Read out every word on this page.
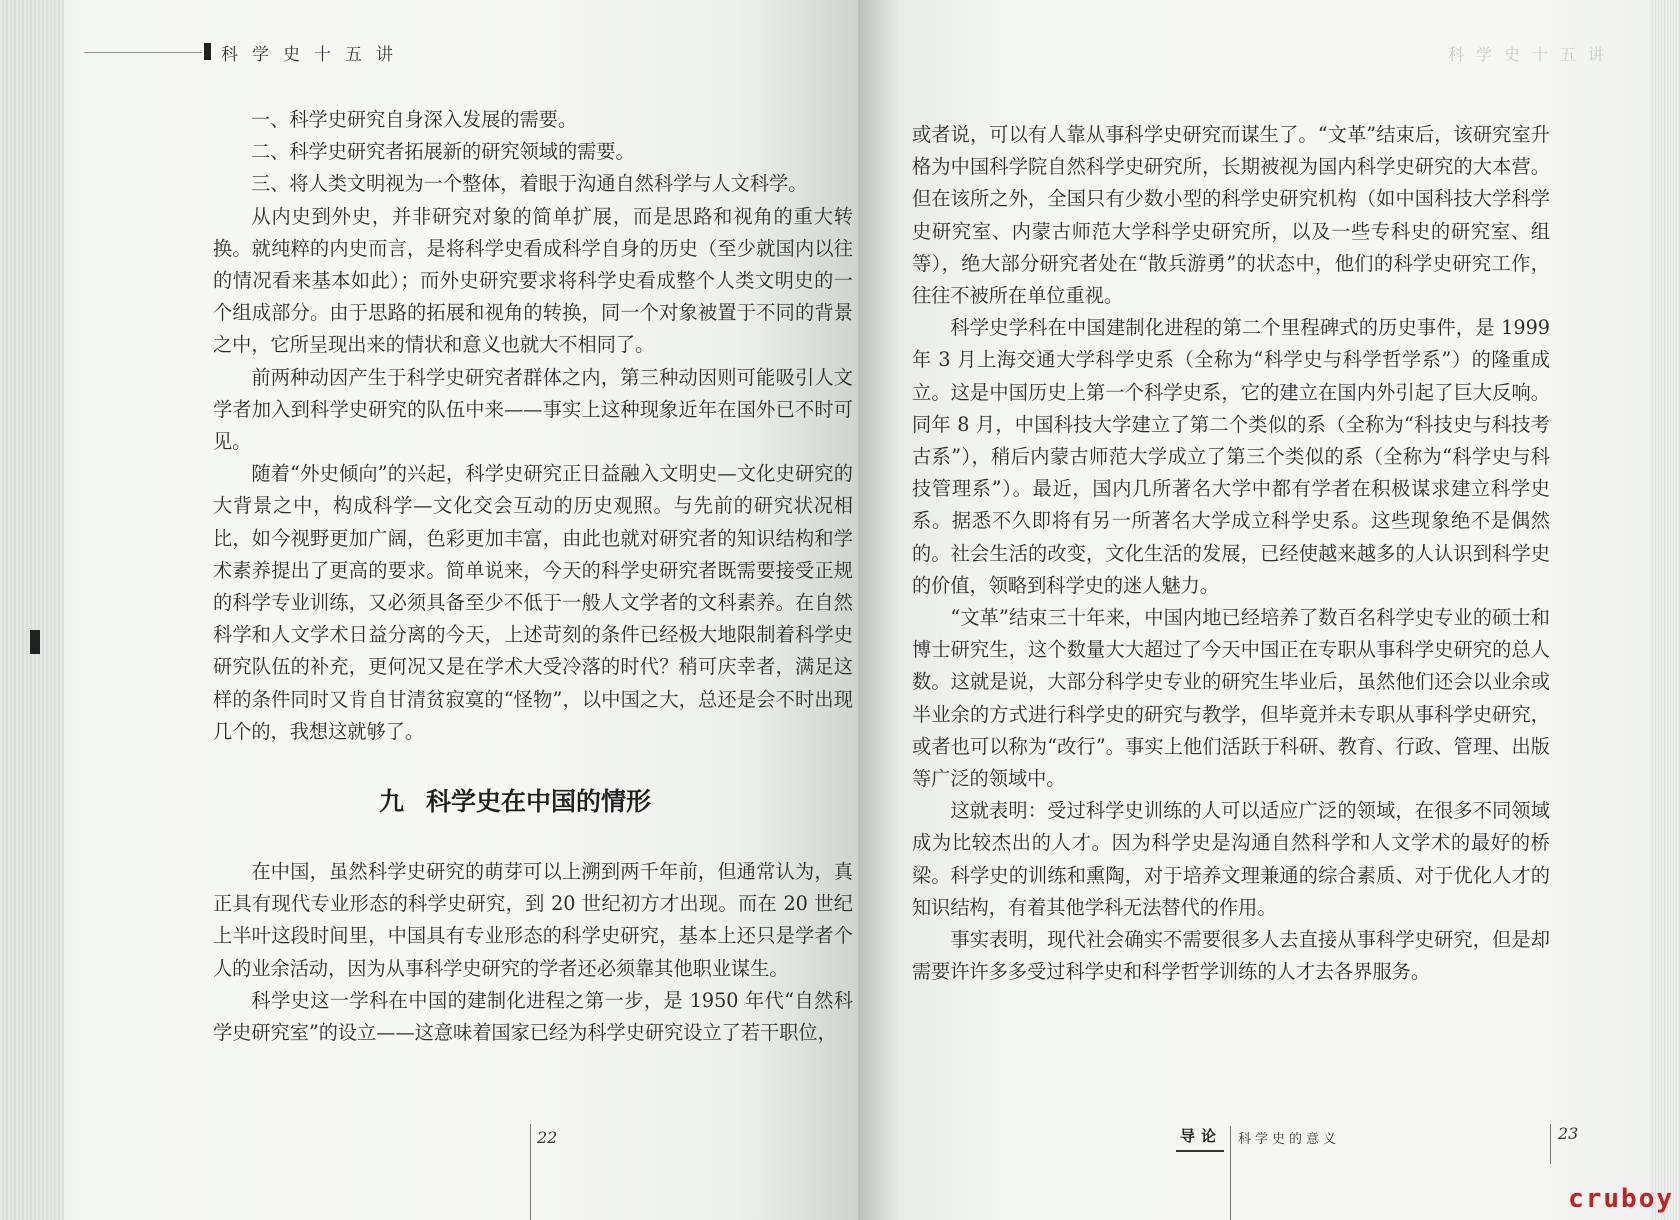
科学史十五讲

一、科学史研究自身深入发展的需要。

二、科学史研究者拓展新的研究领域的需要。

三、将人类文明视为一个整体，着眼于沟通自然科学与人文科学。

从内史到外史，并非研究对象的简单扩展，而是思路和视角的重大转换。就纯粹的内史而言，是将科学史看成科学自身的历史（至少就国内以往的情况看来基本如此）；而外史研究要求将科学史看成整个人类文明史的一个组成部分。由于思路的拓展和视角的转换，同一个对象被置于不同的背景之中，它所呈现出来的情状和意义也就大不相同了。

前两种动因产生于科学史研究者群体之内，第三种动因则可能吸引人文学者加入到科学史研究的队伍中来——事实上这种现象近年在国外已不时可见。

随着“外史倾向”的兴起，科学史研究正日益融入文明史—文化史研究的大背景之中，构成科学—文化交会互动的历史观照。与先前的研究状况相比，如今视野更加广阔，色彩更加丰富，由此也就对研究者的知识结构和学术素养提出了更高的要求。简单说来，今天的科学史研究者既需要接受正规的科学专业训练，又必须具备至少不低于一般人文学者的文科素养。在自然科学和人文学术日益分离的今天，上述苛刻的条件已经极大地限制着科学史研究队伍的补充，更何况又是在学术大受冷落的时代？稍可庆幸者，满足这样的条件同时又肯自甘清贫寂寞的“怪物”，以中国之大，总还是会不时出现几个的，我想这就够了。

九 科学史在中国的情形

在中国，虽然科学史研究的萌芽可以上溯到两千年前，但通常认为，真正具有现代专业形态的科学史研究，到 20 世纪初方才出现。而在 20 世纪上半叶这段时间里，中国具有专业形态的科学史研究，基本上还只是学者个人的业余活动，因为从事科学史研究的学者还必须靠其他职业谋生。

科学史这一学科在中国的建制化进程之第一步，是 1950 年代“自然科学史研究室”的设立——这意味着国家已经为科学史研究设立了若干职位，

22
科学史十五讲

或者说，可以有人靠从事科学史研究而谋生了。“文革”结束后，该研究室升格为中国科学院自然科学史研究所，长期被视为国内科学史研究的大本营。但在该所之外，全国只有少数小型的科学史研究机构（如中国科技大学科学史研究室、内蒙古师范大学科学史研究所，以及一些专科史的研究室、组等），绝大部分研究者处在“散兵游勇”的状态中，他们的科学史研究工作，往往不被所在单位重视。

科学史学科在中国建制化进程的第二个里程碑式的历史事件，是 1999 年 3 月上海交通大学科学史系（全称为“科学史与科学哲学系”）的隆重成立。这是中国历史上第一个科学史系，它的建立在国内外引起了巨大反响。同年 8 月，中国科技大学建立了第二个类似的系（全称为“科技史与科技考古系”），稍后内蒙古师范大学成立了第三个类似的系（全称为“科学史与科技管理系”）。最近，国内几所著名大学中都有学者在积极谋求建立科学史系。据悉不久即将有另一所著名大学成立科学史系。这些现象绝不是偶然的。社会生活的改变，文化生活的发展，已经使越来越多的人认识到科学史的价值，领略到科学史的迷人魅力。

“文革”结束三十年来，中国内地已经培养了数百名科学史专业的硕士和博士研究生，这个数量大大超过了今天中国正在专职从事科学史研究的总人数。这就是说，大部分科学史专业的研究生毕业后，虽然他们还会以业余或半业余的方式进行科学史的研究与教学，但毕竟并未专职从事科学史研究，或者也可以称为“改行”。事实上他们活跃于科研、教育、行政、管理、出版等广泛的领域中。

这就表明：受过科学史训练的人可以适应广泛的领域，在很多不同领域成为比较杰出的人才。因为科学史是沟通自然科学和人文学术的最好的桥梁。科学史的训练和熏陶，对于培养文理兼通的综合素质、对于优化人才的知识结构，有着其他学科无法替代的作用。

事实表明，现代社会确实不需要很多人去直接从事科学史研究，但是却需要许许多多受过科学史和科学哲学训练的人才去各界服务。

导论 科学史的意义	23
cruboy
